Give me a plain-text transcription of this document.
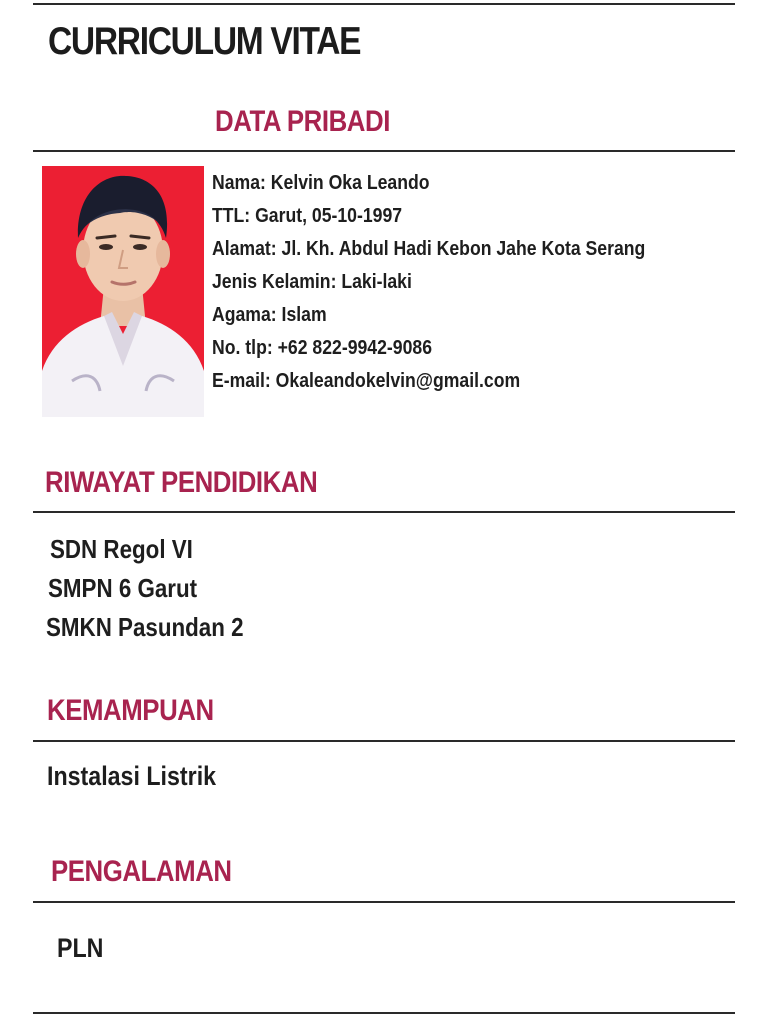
CURRICULUM VITAE
DATA PRIBADI
Nama: Kelvin Oka Leando
TTL: Garut, 05-10-1997
Alamat: Jl. Kh. Abdul Hadi Kebon Jahe Kota Serang
Jenis Kelamin: Laki-laki
Agama: Islam
No. tlp: +62 822-9942-9086
E-mail: Okaleandokelvin@gmail.com
RIWAYAT PENDIDIKAN
SDN Regol VI
SMPN 6 Garut
SMKN Pasundan 2
KEMAMPUAN

Instalasi Listrik

PENGALAMAN

PLN
